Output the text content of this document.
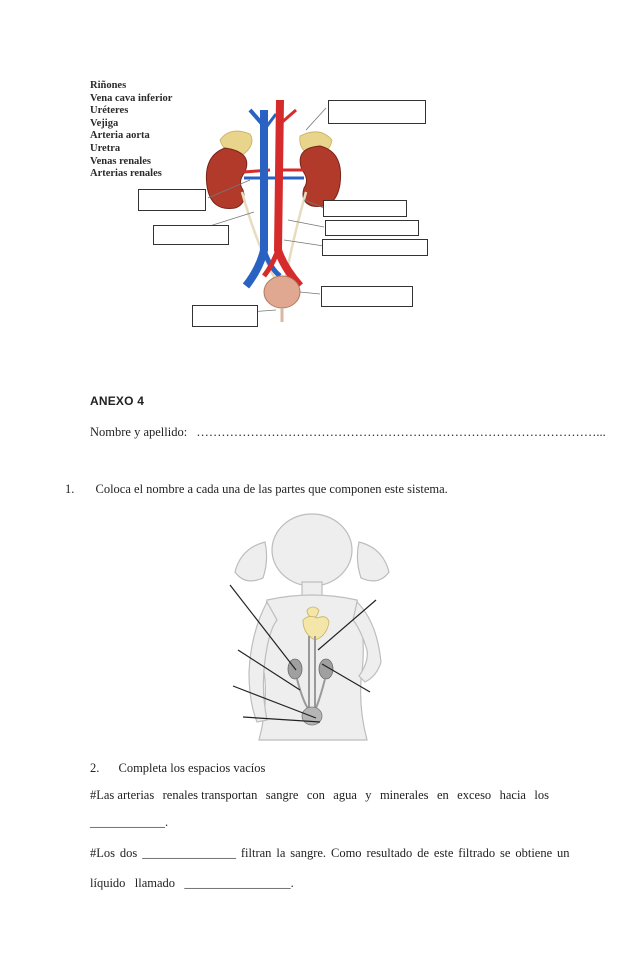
Riñones
Vena cava inferior
Uréteres
Vejiga
Arteria aorta
Uretra
Venas renales
Arterias renales
ANEXO 4
Nombre y apellido: ……………………………………………………………………………………...
1. Coloca el nombre a cada una de las partes que componen este sistema.
2. Completa los espacios vacíos
#Las arterias renales transportan sangre con agua y minerales en exceso hacia los
____________.
#Los dos _______________ filtran la sangre. Como resultado de este filtrado se obtiene un
líquido   llamado   _________________.
